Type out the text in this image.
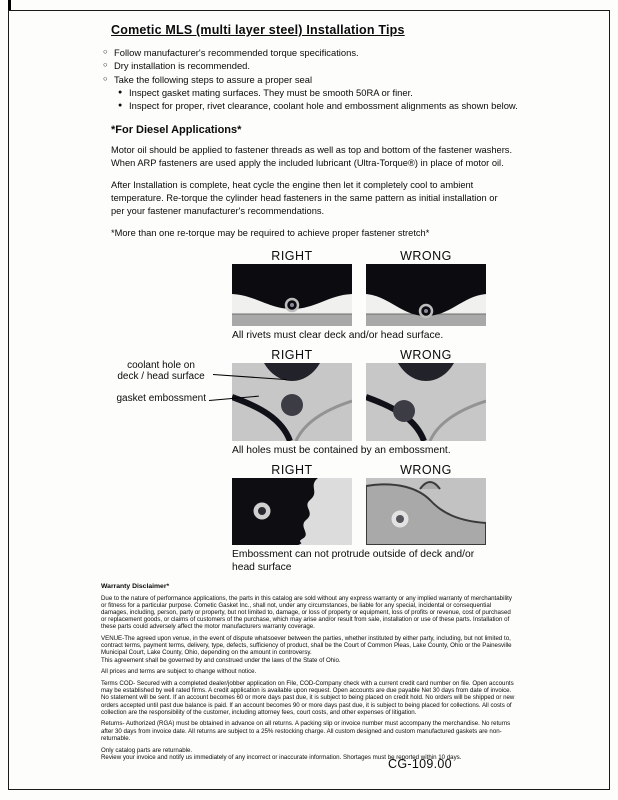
Cometic MLS (multi layer steel) Installation Tips
○
Follow manufacturer's recommended torque specifications.
○
Dry installation is recommended.
○
Take the following steps to assure a proper seal
●
Inspect gasket mating surfaces. They must be smooth 50RA or finer.
●
Inspect for proper, rivet clearance, coolant hole and embossment alignments as shown below.
*For Diesel Applications*

Motor oil should be applied to fastener threads as well as top and bottom of the fastener washers. When ARP fasteners are used apply the included lubricant (Ultra-Torque®) in place of motor oil.

After Installation is complete, heat cycle the engine then let it completely cool to ambient temperature. Re-torque the cylinder head fasteners in the same pattern as initial installation or per your fastener manufacturer's recommendations.

*More than one re-torque may be required to achieve proper fastener stretch*

RIGHT	WRONG

All rivets must clear deck and/or head surface.

RIGHT	WRONG
coolant hole on
deck / head surface
gasket embossment

All holes must be contained by an embossment.

RIGHT	WRONG

Embossment can not protrude outside of deck and/or head surface

Warranty Disclaimer*

Due to the nature of performance applications, the parts in this catalog are sold without any express warranty or any implied warranty of merchantability or fitness for a particular purpose. Cometic Gasket Inc., shall not, under any circumstances, be liable for any special, incidental or consequential damages, including, person, party or property, but not limited to, damage, or loss of property or equipment, loss of profits or revenue, cost of purchased or replacement goods, or claims of customers of the purchase, which may arise and/or result from sale, installation or use of these parts. Installation of these parts could adversely affect the motor manufacturers warranty coverage.

VENUE-The agreed upon venue, in the event of dispute whatsoever between the parties, whether instituted by either party, including, but not limited to, contract terms, payment terms, delivery, type, defects, sufficiency of product, shall be the Court of Common Pleas, Lake County, Ohio or the Painesville Municipal Court, Lake County, Ohio, depending on the amount in controversy.

This agreement shall be governed by and construed under the laws of the State of Ohio.

All prices and terms are subject to change without notice.

Terms COD- Secured with a completed dealer/jobber application on File, COD-Company check with a current credit card number on file. Open accounts may be established by well rated firms. A credit application is available upon request. Open accounts are due payable Net 30 days from date of invoice. No statement will be sent. If an account becomes 60 or more days past due, it is subject to being placed on credit hold. No orders will be shipped or new orders accepted until past due balance is paid. If an account becomes 90 or more days past due, it is subject to being placed for collections. All costs of collection are the responsibility of the customer, including attorney fees, court costs, and other expenses of litigation.

Returns- Authorized (RGA) must be obtained in advance on all returns. A packing slip or invoice number must accompany the merchandise. No returns after 30 days from invoice date. All returns are subject to a 25% restocking charge. All custom designed and custom manufactured gaskets are non-returnable.

Only catalog parts are returnable.

Review your invoice and notify us immediately of any incorrect or inaccurate information. Shortages must be reported within 10 days.

CG-109.00
